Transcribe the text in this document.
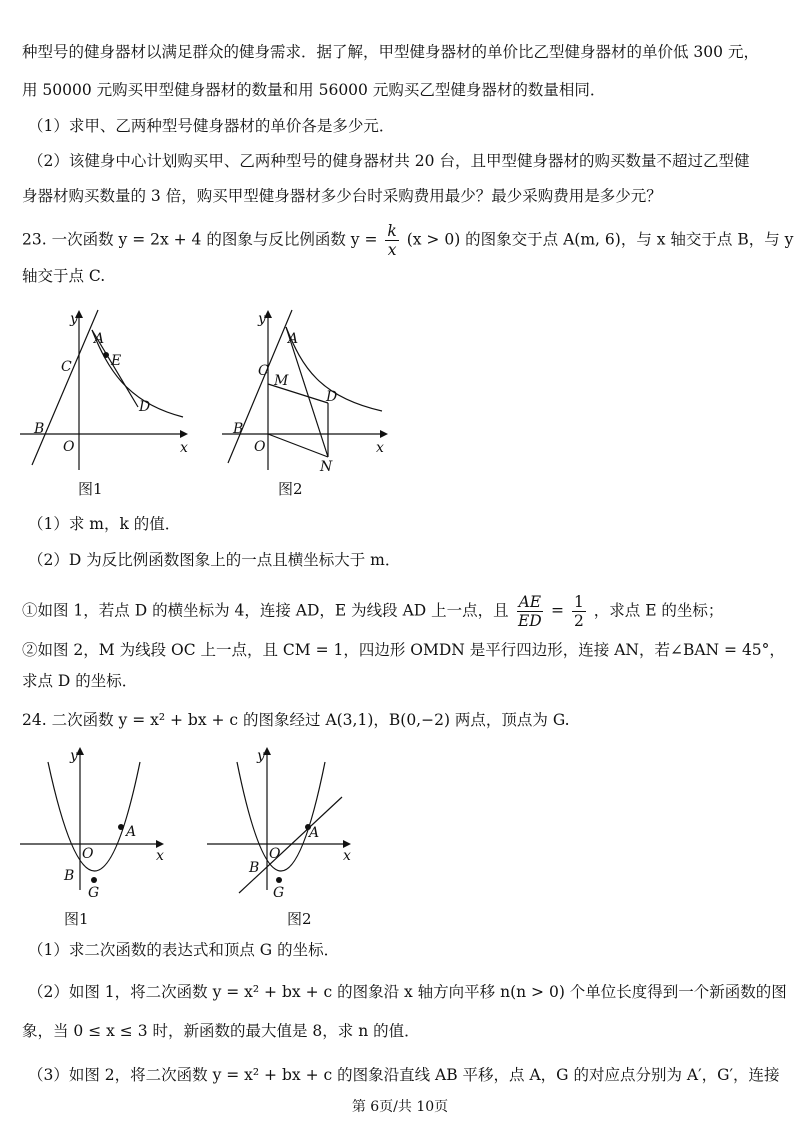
种型号的健身器材以满足群众的健身需求．据了解，甲型健身器材的单价比乙型健身器材的单价低 300 元，
用 50000 元购买甲型健身器材的数量和用 56000 元购买乙型健身器材的数量相同．
（1）求甲、乙两种型号健身器材的单价各是多少元．
（2）该健身中心计划购买甲、乙两种型号的健身器材共 20 台，且甲型健身器材的购买数量不超过乙型健
身器材购买数量的 3 倍，购买甲型健身器材多少台时采购费用最少？最少采购费用是多少元？
23. 一次函数 y = 2x + 4 的图象与反比例函数 $y = \frac{k}{x} (x > 0)$ 的图象交于点 A(m, 6)，与 x 轴交于点 B，与 y
轴交于点 C.
y
x
O
A
B
C	E
D
图1
y
x
O
A
B
C
M
D
N
图2
（1）求 m，k 的值．
（2）D 为反比例函数图象上的一点且横坐标大于 m．
①如图 1，若点 D 的横坐标为 4，连接 AD，E 为线段 AD 上一点，且 $\frac{AE}{ED} = \frac{1}{2}$ ，求点 E 的坐标；
②如图 2，M 为线段 OC 上一点，且 CM = 1，四边形 OMDN 是平行四边形，连接 AN，若∠BAN = 45°，
求点 D 的坐标．
24. 二次函数 y = x² + bx + c 的图象经过 A(3,1)，B(0,−2) 两点，顶点为 G.
y
x
O
A
B
G
图1
y
x
O
A
B
G
图2
（1）求二次函数的表达式和顶点 G 的坐标．
（2）如图 1，将二次函数 y = x² + bx + c 的图象沿 x 轴方向平移 n(n > 0) 个单位长度得到一个新函数的图
象，当 0 ≤ x ≤ 3 时，新函数的最大值是 8，求 n 的值．
（3）如图 2，将二次函数 y = x² + bx + c 的图象沿直线 AB 平移，点 A，G 的对应点分别为 A′，G′，连接
第 6页/共 10页
